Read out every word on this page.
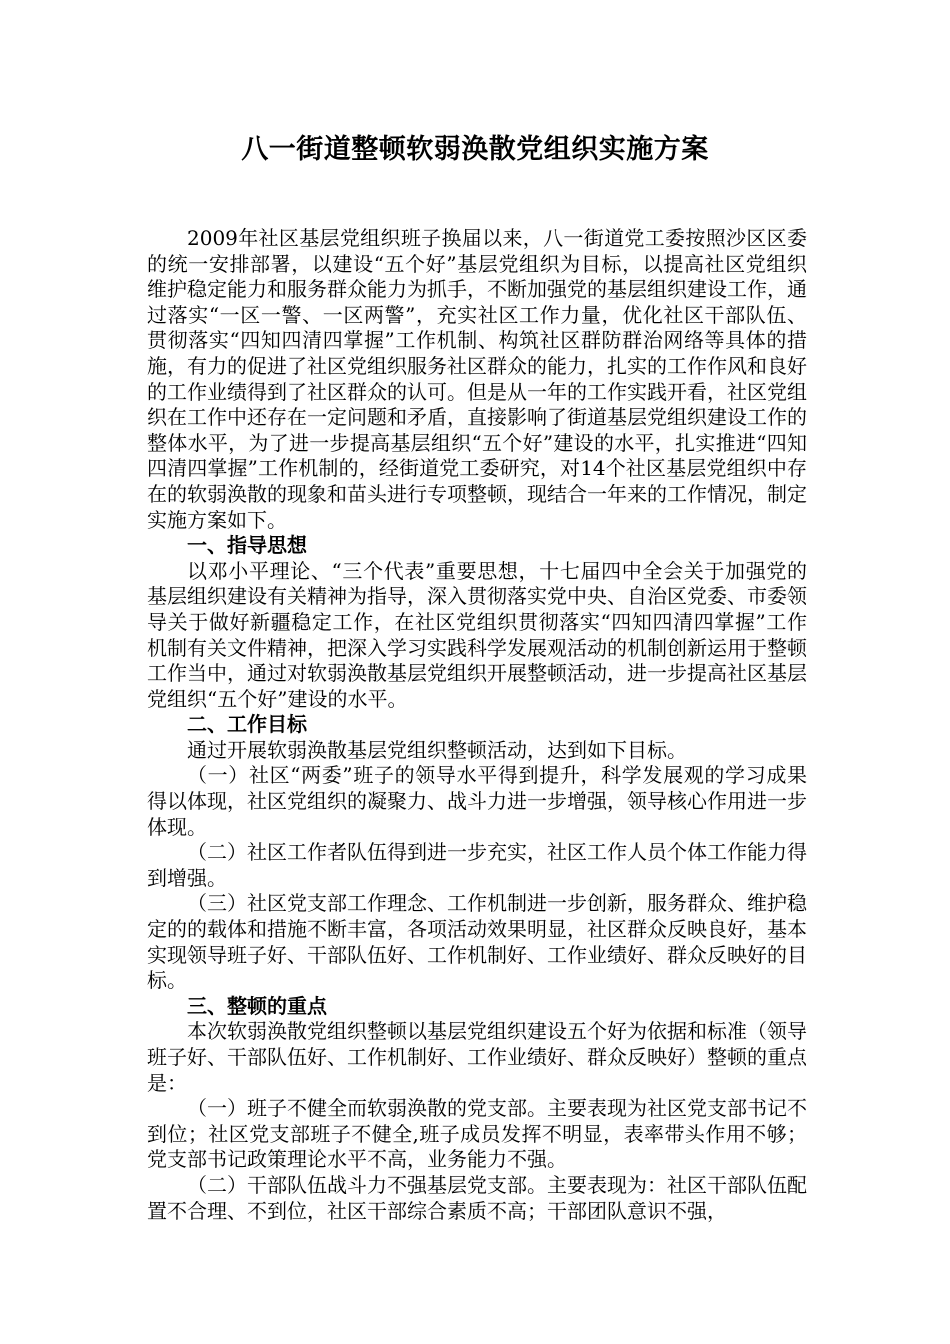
八一街道整顿软弱涣散党组织实施方案

2009年社区基层党组织班子换届以来，八一街道党工委按照沙区区委的统一安排部署，以建设“五个好”基层党组织为目标，以提高社区党组织维护稳定能力和服务群众能力为抓手，不断加强党的基层组织建设工作，通过落实“一区一警、一区两警”，充实社区工作力量，优化社区干部队伍、贯彻落实“四知四清四掌握”工作机制、构筑社区群防群治网络等具体的措施，有力的促进了社区党组织服务社区群众的能力，扎实的工作作风和良好的工作业绩得到了社区群众的认可。但是从一年的工作实践开看，社区党组织在工作中还存在一定问题和矛盾，直接影响了街道基层党组织建设工作的整体水平，为了进一步提高基层组织“五个好”建设的水平，扎实推进“四知四清四掌握”工作机制的，经街道党工委研究，对14个社区基层党组织中存在的软弱涣散的现象和苗头进行专项整顿，现结合一年来的工作情况，制定实施方案如下。

一、指导思想

以邓小平理论、“三个代表”重要思想，十七届四中全会关于加强党的基层组织建设有关精神为指导，深入贯彻落实党中央、自治区党委、市委领导关于做好新疆稳定工作，在社区党组织贯彻落实“四知四清四掌握”工作机制有关文件精神，把深入学习实践科学发展观活动的机制创新运用于整顿工作当中，通过对软弱涣散基层党组织开展整顿活动，进一步提高社区基层党组织“五个好”建设的水平。

二、工作目标

通过开展软弱涣散基层党组织整顿活动，达到如下目标。

（一）社区“两委”班子的领导水平得到提升，科学发展观的学习成果得以体现，社区党组织的凝聚力、战斗力进一步增强，领导核心作用进一步体现。

（二）社区工作者队伍得到进一步充实，社区工作人员个体工作能力得到增强。

（三）社区党支部工作理念、工作机制进一步创新，服务群众、维护稳定的的载体和措施不断丰富，各项活动效果明显，社区群众反映良好，基本实现领导班子好、干部队伍好、工作机制好、工作业绩好、群众反映好的目标。

三、整顿的重点

本次软弱涣散党组织整顿以基层党组织建设五个好为依据和标准（领导班子好、干部队伍好、工作机制好、工作业绩好、群众反映好）整顿的重点是：

（一）班子不健全而软弱涣散的党支部。主要表现为社区党支部书记不到位；社区党支部班子不健全,班子成员发挥不明显，表率带头作用不够；党支部书记政策理论水平不高，业务能力不强。

（二）干部队伍战斗力不强基层党支部。主要表现为：社区干部队伍配置不合理、不到位，社区干部综合素质不高；干部团队意识不强，
